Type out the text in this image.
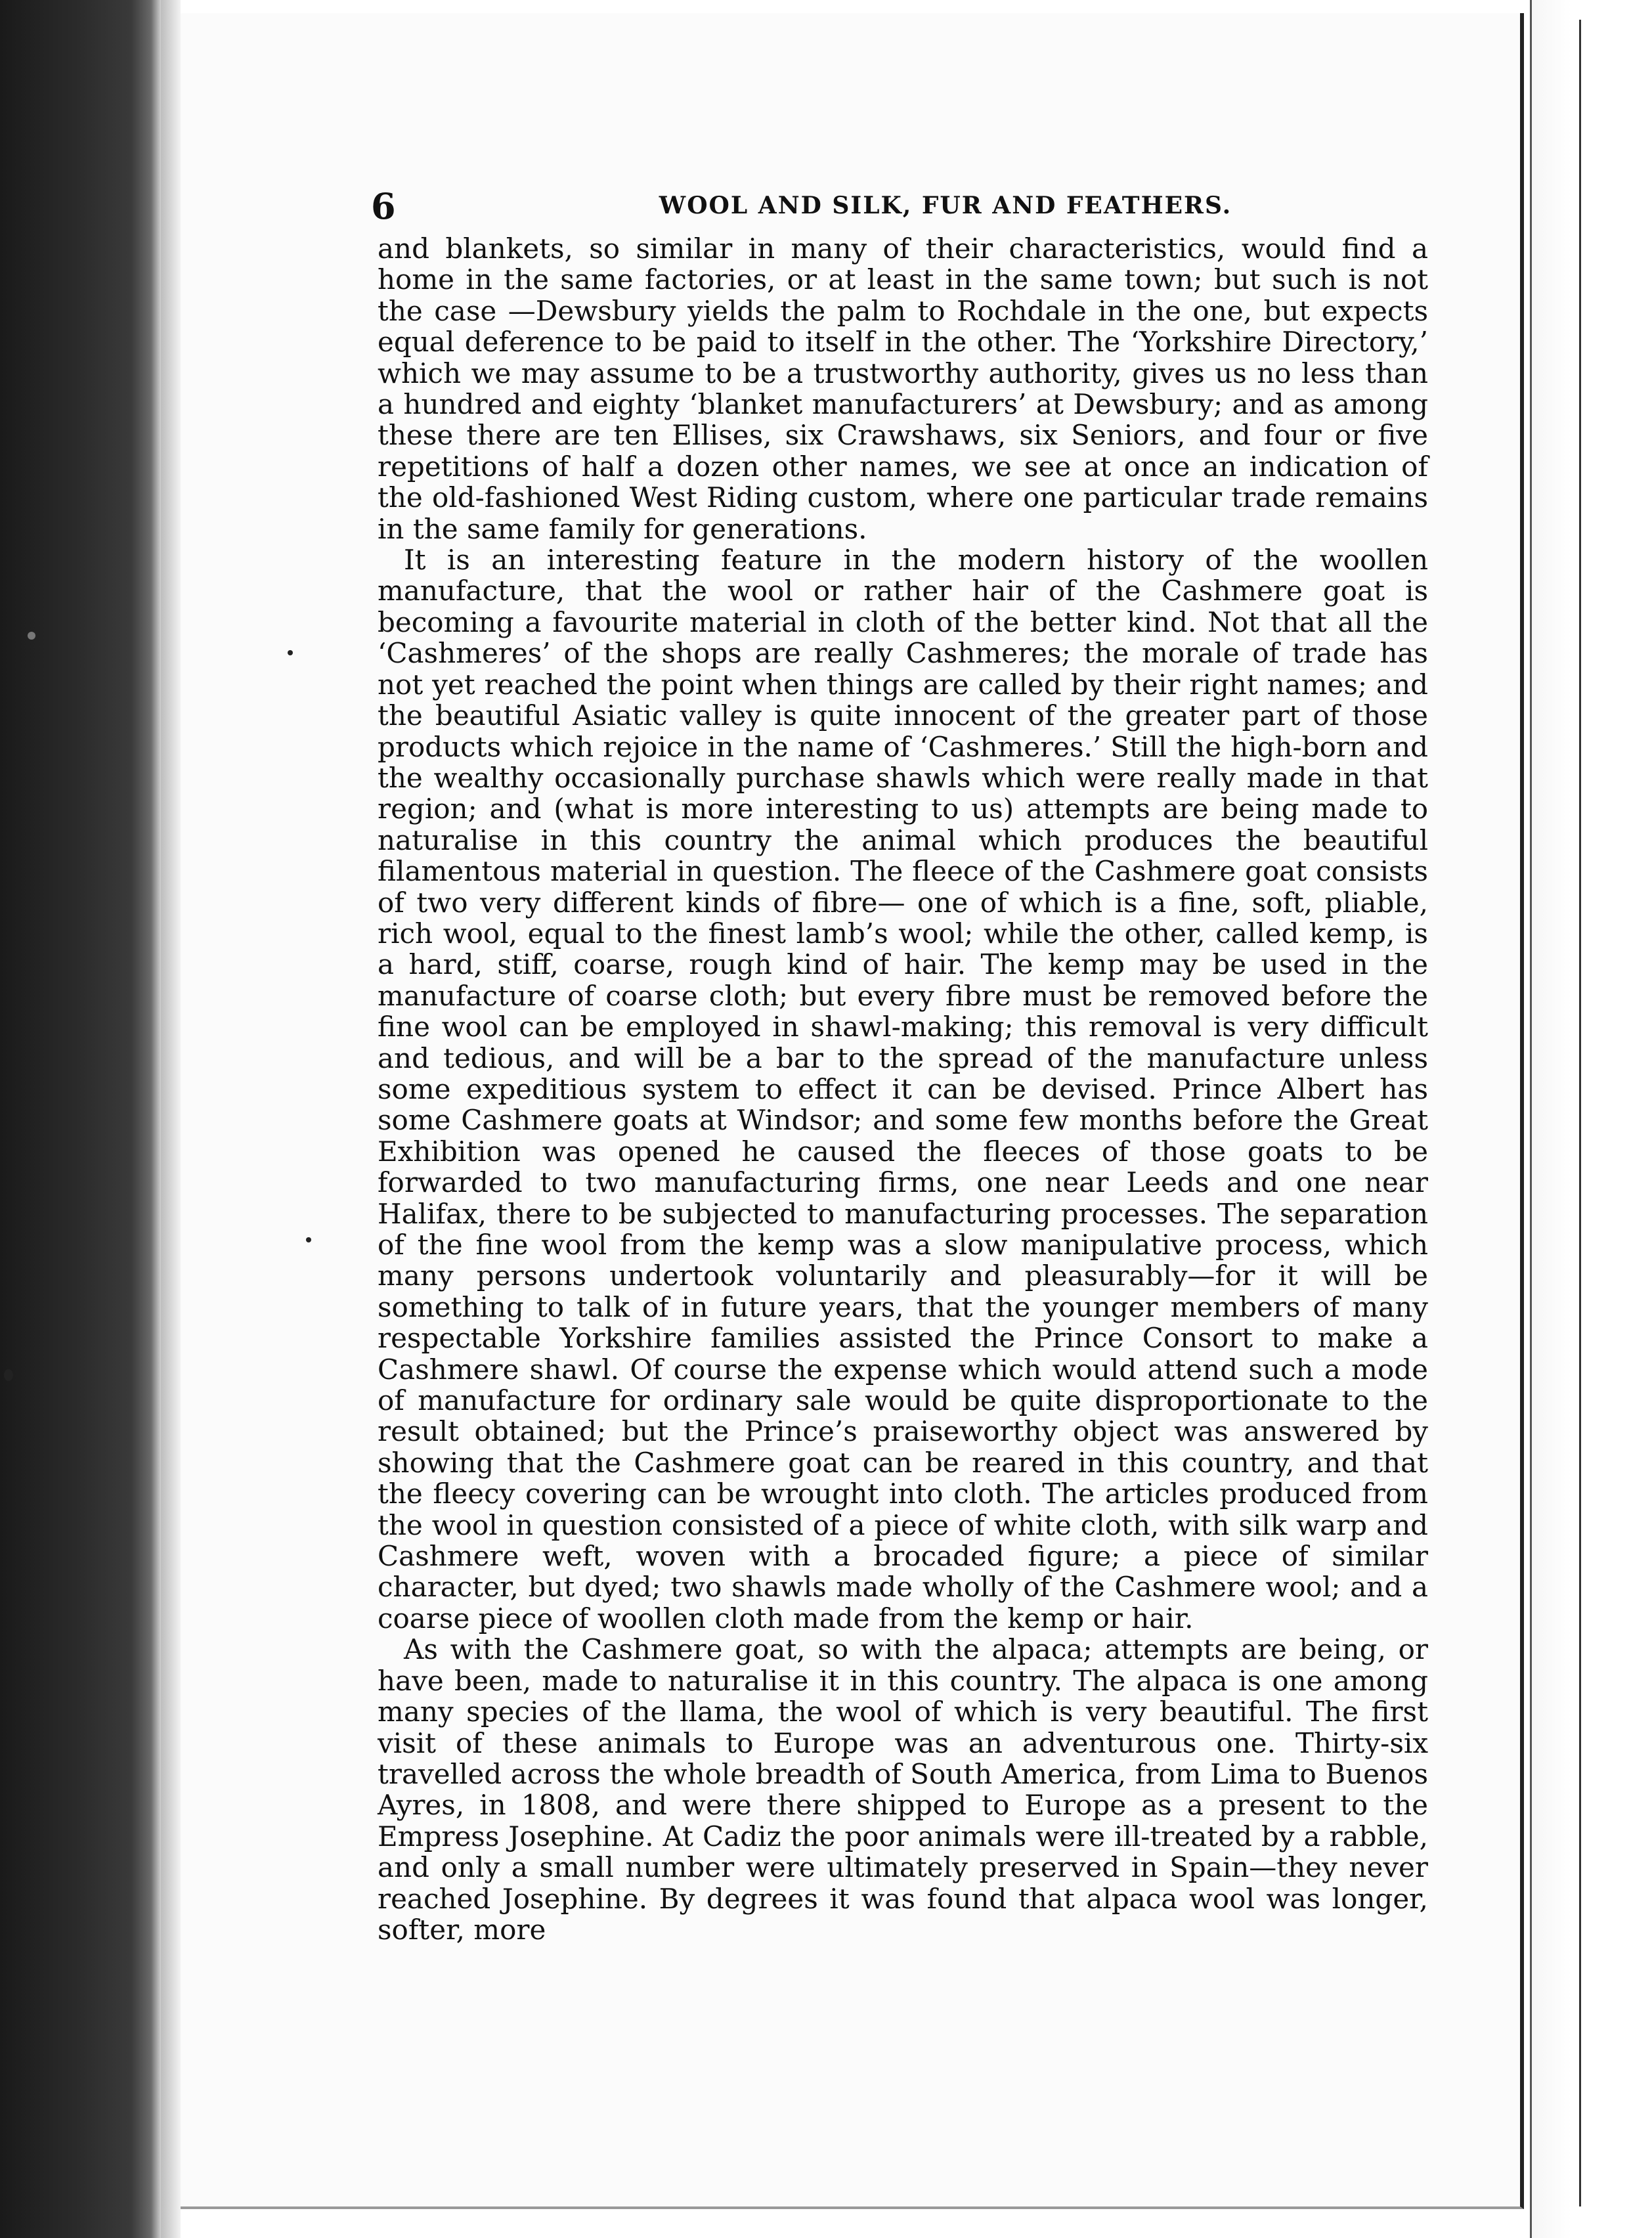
6	WOOL AND SILK, FUR AND FEATHERS.

and blankets, so similar in many of their characteristics, would find a home in the same factories, or at least in the same town; but such is not the case —Dewsbury yields the palm to Rochdale in the one, but expects equal deference to be paid to itself in the other. The ‘Yorkshire Directory,’ which we may assume to be a trustworthy authority, gives us no less than a hundred and eighty ‘blanket manufacturers’ at Dewsbury; and as among these there are ten Ellises, six Crawshaws, six Seniors, and four or five repetitions of half a dozen other names, we see at once an indication of the old-fashioned West Riding custom, where one particular trade remains in the same family for generations.

It is an interesting feature in the modern history of the woollen manufacture, that the wool or rather hair of the Cashmere goat is becoming a favourite material in cloth of the better kind. Not that all the ‘Cashmeres’ of the shops are really Cashmeres; the morale of trade has not yet reached the point when things are called by their right names; and the beautiful Asiatic valley is quite innocent of the greater part of those products which rejoice in the name of ‘Cashmeres.’ Still the high-born and the wealthy occasionally purchase shawls which were really made in that region; and (what is more interesting to us) attempts are being made to naturalise in this country the animal which produces the beautiful filamentous material in question. The fleece of the Cashmere goat consists of two very different kinds of fibre— one of which is a fine, soft, pliable, rich wool, equal to the finest lamb’s wool; while the other, called kemp, is a hard, stiff, coarse, rough kind of hair. The kemp may be used in the manufacture of coarse cloth; but every fibre must be removed before the fine wool can be employed in shawl-making; this removal is very difficult and tedious, and will be a bar to the spread of the manufacture unless some expeditious system to effect it can be devised. Prince Albert has some Cashmere goats at Windsor; and some few months before the Great Exhibition was opened he caused the fleeces of those goats to be forwarded to two manufacturing firms, one near Leeds and one near Halifax, there to be subjected to manufacturing processes. The separation of the fine wool from the kemp was a slow manipulative process, which many persons undertook voluntarily and pleasurably—for it will be something to talk of in future years, that the younger members of many respectable Yorkshire families assisted the Prince Consort to make a Cashmere shawl. Of course the expense which would attend such a mode of manufacture for ordinary sale would be quite disproportionate to the result obtained; but the Prince’s praiseworthy object was answered by showing that the Cashmere goat can be reared in this country, and that the fleecy covering can be wrought into cloth. The articles produced from the wool in question consisted of a piece of white cloth, with silk warp and Cashmere weft, woven with a brocaded figure; a piece of similar character, but dyed; two shawls made wholly of the Cashmere wool; and a coarse piece of woollen cloth made from the kemp or hair.

As with the Cashmere goat, so with the alpaca; attempts are being, or have been, made to naturalise it in this country. The alpaca is one among many species of the llama, the wool of which is very beautiful. The first visit of these animals to Europe was an adventurous one. Thirty-six travelled across the whole breadth of South America, from Lima to Buenos Ayres, in 1808, and were there shipped to Europe as a present to the Empress Josephine. At Cadiz the poor animals were ill-treated by a rabble, and only a small number were ultimately preserved in Spain—they never reached Josephine. By degrees it was found that alpaca wool was longer, softer, more
